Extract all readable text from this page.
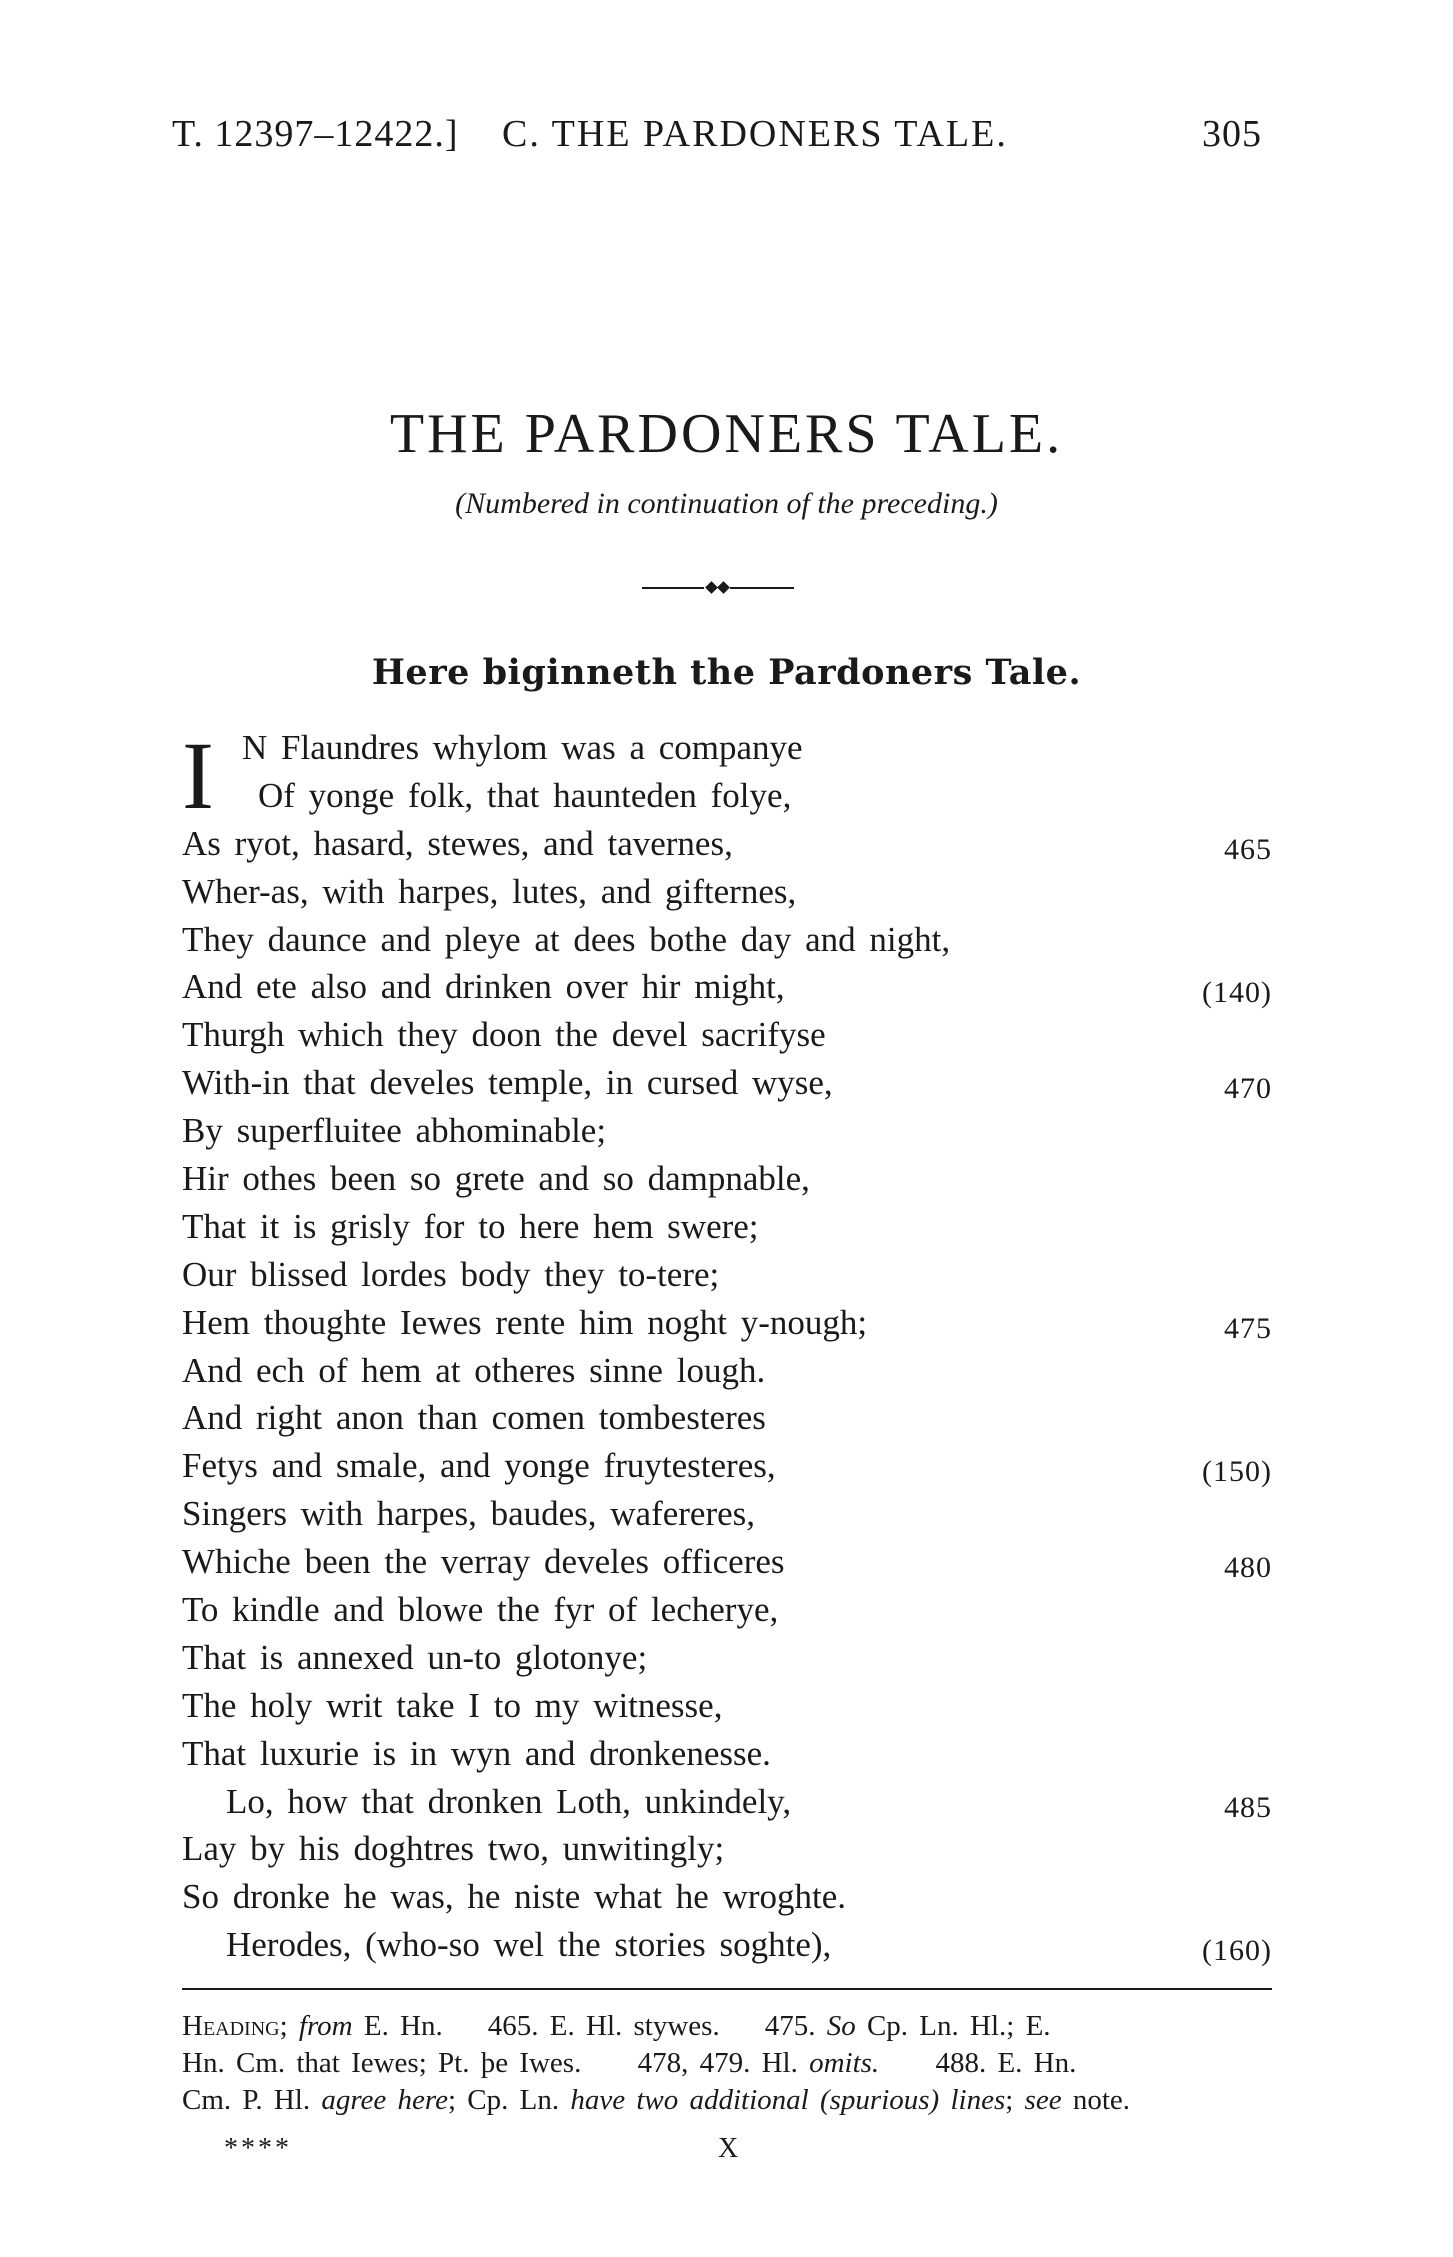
T. 12397–12422.] C. THE PARDONERS TALE.	305
THE PARDONERS TALE.
(Numbered in continuation of the preceding.)
Here biginneth the Pardoners Tale.
I N Flaundres whylom was a companye
Of yonge folk, that haunteden folye,
As ryot, hasard, stewes, and tavernes,	465
Wher-as, with harpes, lutes, and gifternes,
They daunce and pleye at dees bothe day and night,
And ete also and drinken over hir might,	(140)
Thurgh which they doon the devel sacrifyse
With-in that develes temple, in cursed wyse,	470
By superfluitee abhominable;
Hir othes been so grete and so dampnable,
That it is grisly for to here hem swere;
Our blissed lordes body they to-tere;
Hem thoughte Iewes rente him noght y-nough;	475
And ech of hem at otheres sinne lough.
And right anon than comen tombesteres
Fetys and smale, and yonge fruytesteres,	(150)
Singers with harpes, baudes, wafereres,
Whiche been the verray develes officeres	480
To kindle and blowe the fyr of lecherye,
That is annexed un-to glotonye;
The holy writ take I to my witnesse,
That luxurie is in wyn and dronkenesse.
Lo, how that dronken Loth, unkindely,	485
Lay by his doghtres two, unwitingly;
So dronke he was, he niste what he wroghte.
Herodes, (who-so wel the stories soghte),	(160)
Heading; from E. Hn.    465. E. Hl. stywes.    475. So Cp. Ln. Hl.; E.
Hn. Cm. that Iewes; Pt. þe Iwes.     478, 479. Hl. omits.     488. E. Hn.
Cm. P. Hl. agree here; Cp. Ln. have two additional (spurious) lines; see note.
****	X
